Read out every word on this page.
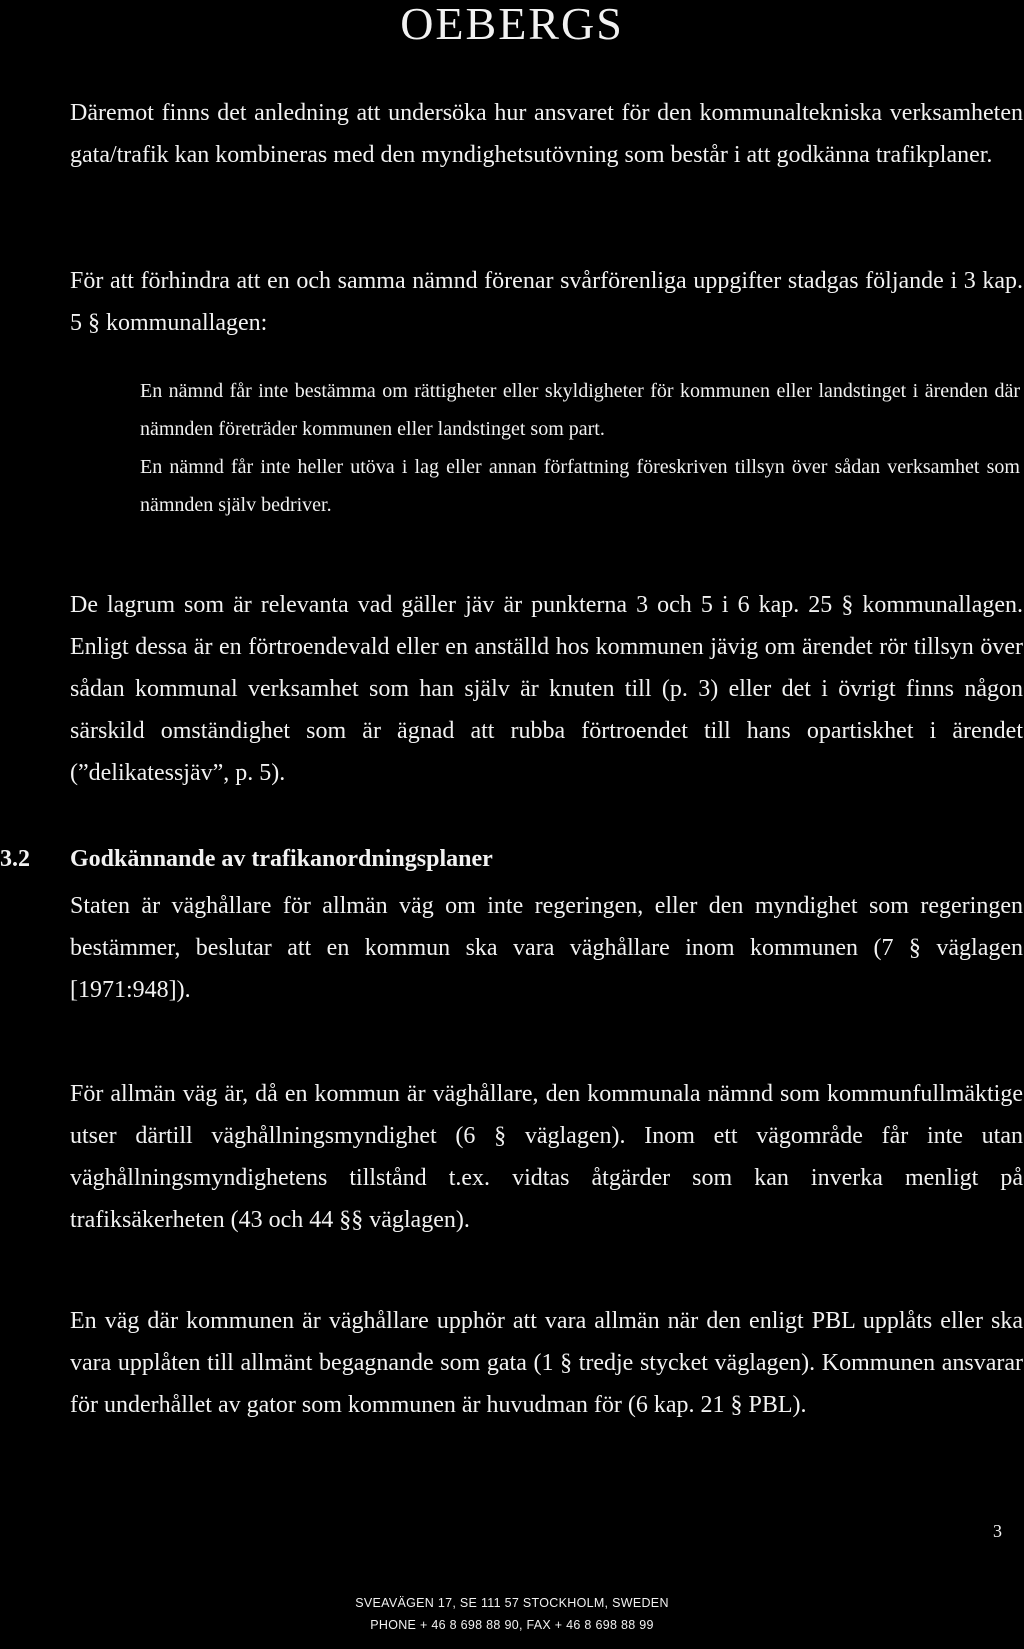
OEBERGS

Däremot finns det anledning att undersöka hur ansvaret för den kommunaltekniska verksamheten gata/trafik kan kombineras med den myndighetsutövning som består i att godkänna trafikplaner.

För att förhindra att en och samma nämnd förenar svårförenliga uppgifter stadgas följande i 3 kap. 5 § kommunallagen:

En nämnd får inte bestämma om rättigheter eller skyldigheter för kommunen eller landstinget i ärenden där nämnden företräder kommunen eller landstinget som part.

En nämnd får inte heller utöva i lag eller annan författning föreskriven tillsyn över sådan verksamhet som nämnden själv bedriver.

De lagrum som är relevanta vad gäller jäv är punkterna 3 och 5 i 6 kap. 25 § kommunallagen. Enligt dessa är en förtroendevald eller en anställd hos kommunen jävig om ärendet rör tillsyn över sådan kommunal verksamhet som han själv är knuten till (p. 3) eller det i övrigt finns någon särskild omständighet som är ägnad att rubba förtroendet till hans opartiskhet i ärendet (”delikatessjäv”, p. 5).

3.2 Godkännande av trafikanordningsplaner

Staten är väghållare för allmän väg om inte regeringen, eller den myndighet som regeringen bestämmer, beslutar att en kommun ska vara väghållare inom kommunen (7 § väglagen [1971:948]).

För allmän väg är, då en kommun är väghållare, den kommunala nämnd som kommunfullmäktige utser därtill väghållningsmyndighet (6 § väglagen). Inom ett vägområde får inte utan väghållningsmyndighetens tillstånd t.ex. vidtas åtgärder som kan inverka menligt på trafiksäkerheten (43 och 44 §§ väglagen).

En väg där kommunen är väghållare upphör att vara allmän när den enligt PBL upplåts eller ska vara upplåten till allmänt begagnande som gata (1 § tredje stycket väglagen). Kommunen ansvarar för underhållet av gator som kommunen är huvudman för (6 kap. 21 § PBL).

3
SVEAVÄGEN 17, SE 111 57 STOCKHOLM, SWEDEN
PHONE + 46 8 698 88 90, FAX + 46 8 698 88 99
